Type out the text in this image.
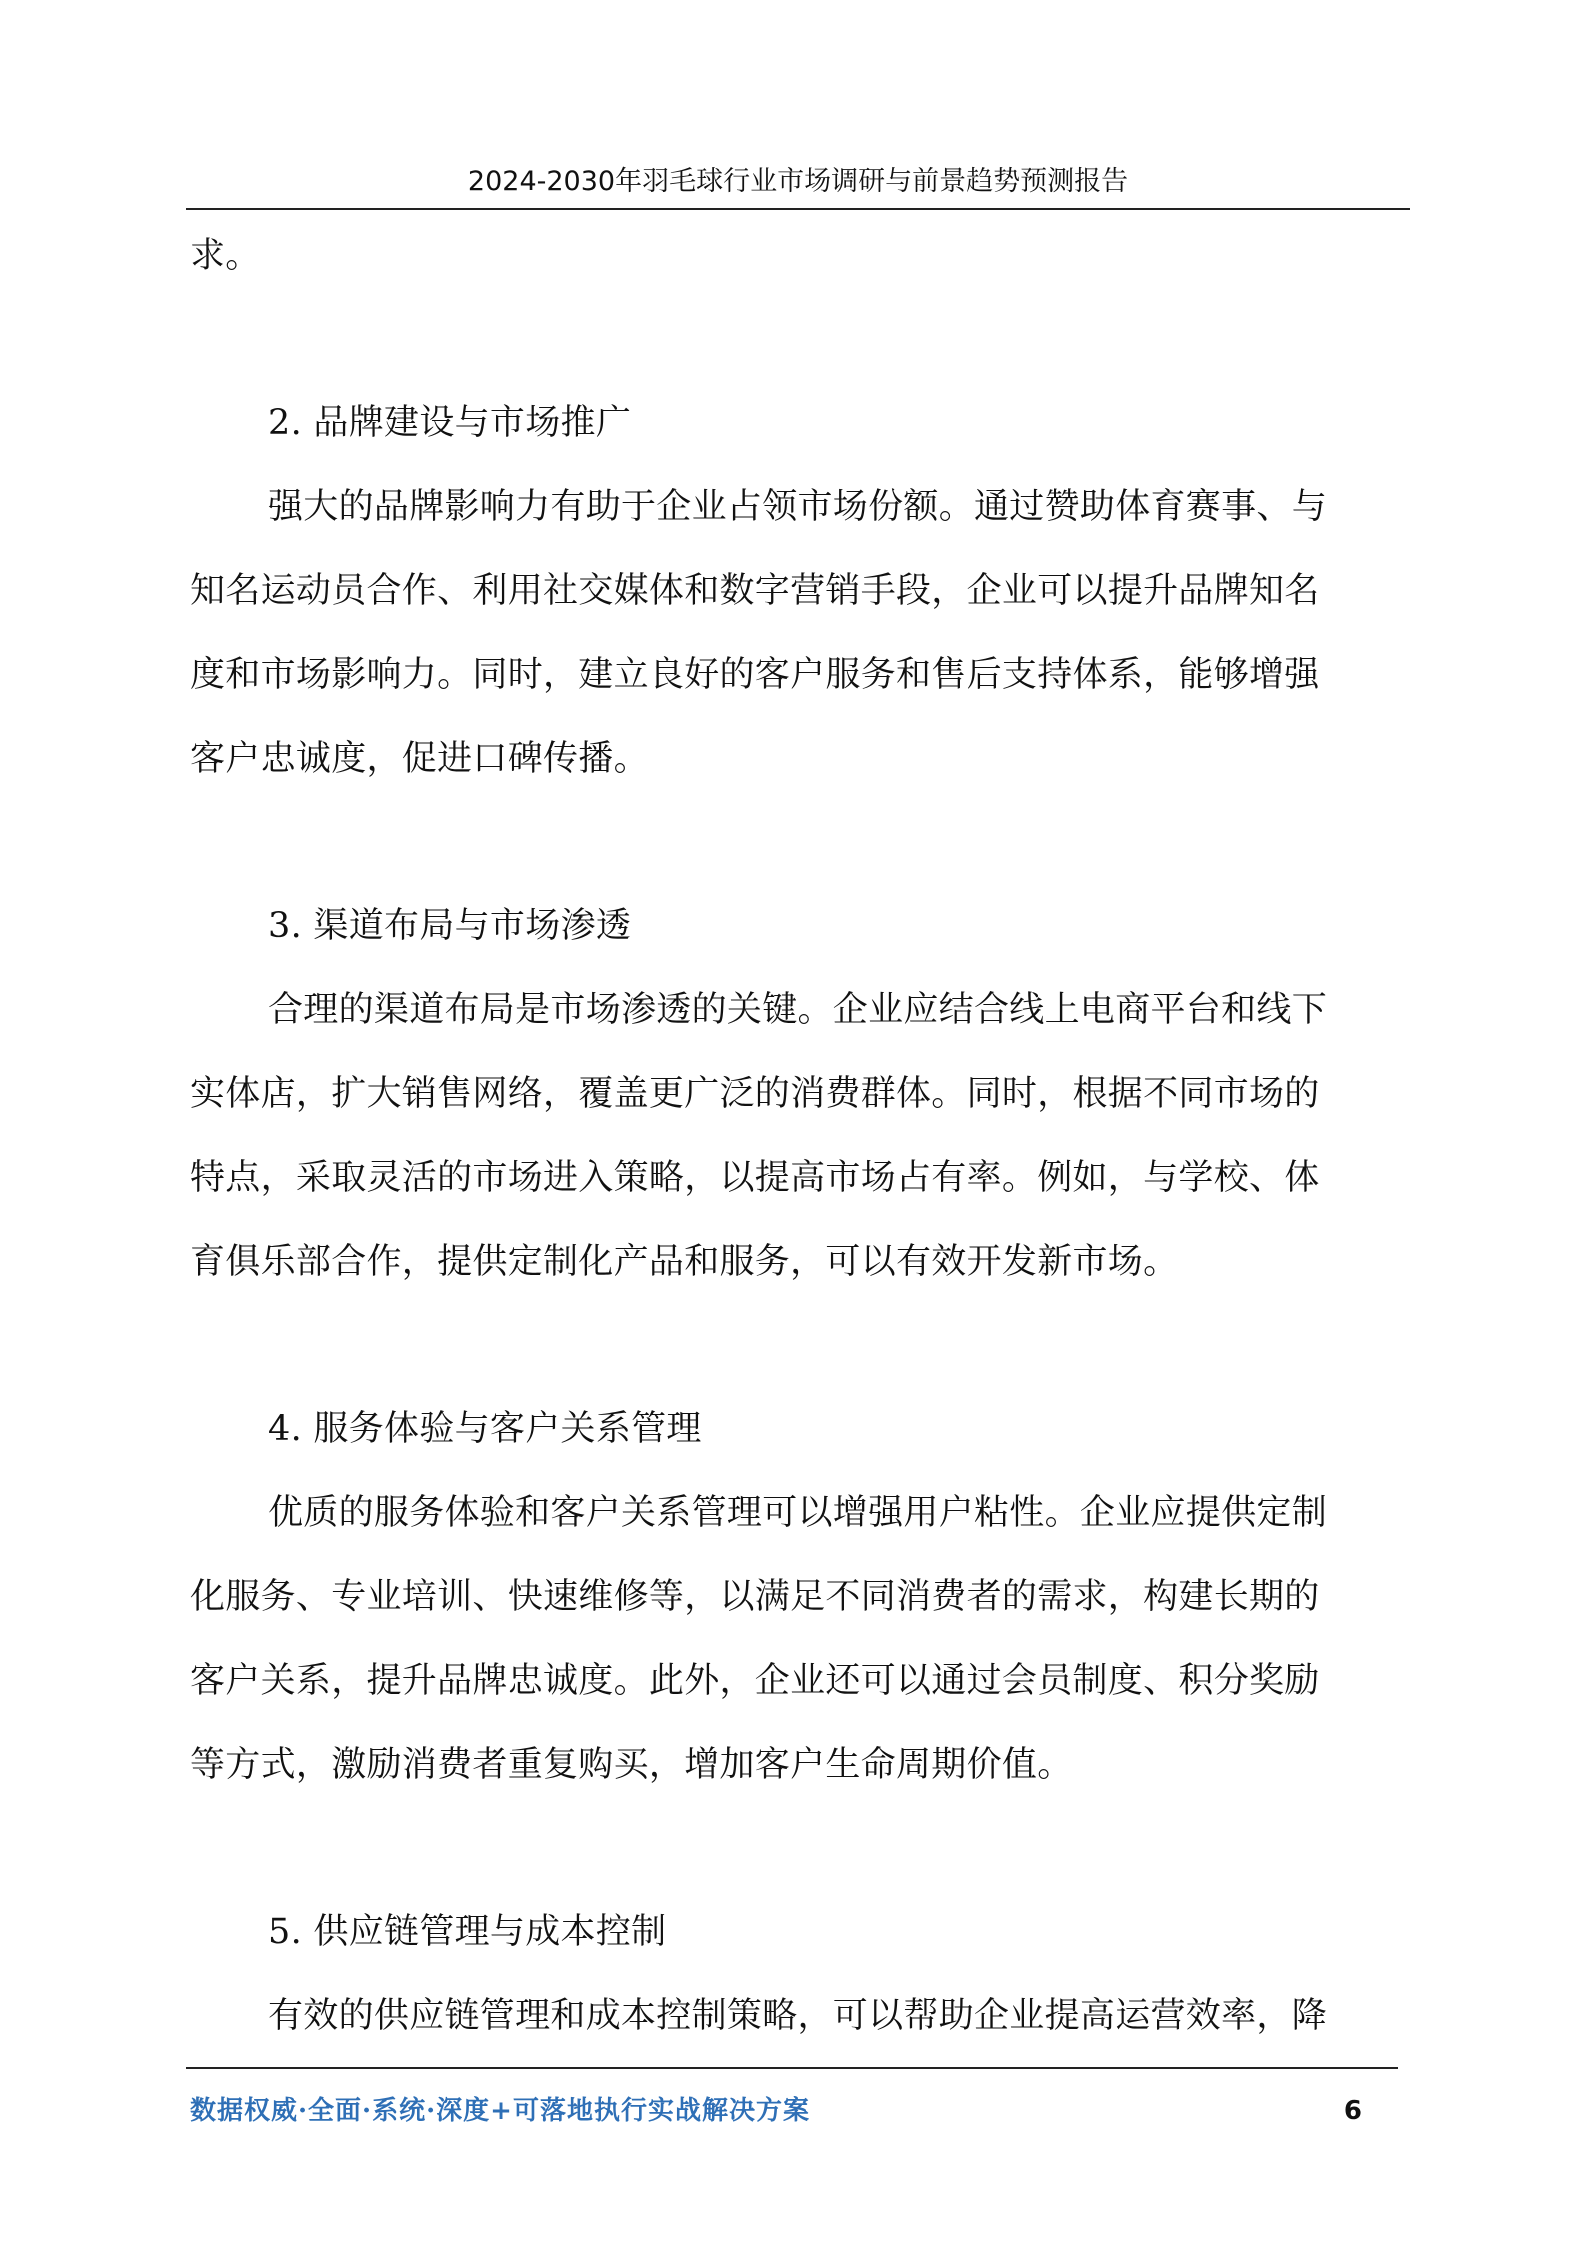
2024-2030年羽毛球行业市场调研与前景趋势预测报告
求。
2. 品牌建设与市场推广
强大的品牌影响力有助于企业占领市场份额。通过赞助体育赛事、与
知名运动员合作、利用社交媒体和数字营销手段，企业可以提升品牌知名
度和市场影响力。同时，建立良好的客户服务和售后支持体系，能够增强
客户忠诚度，促进口碑传播。
3. 渠道布局与市场渗透
合理的渠道布局是市场渗透的关键。企业应结合线上电商平台和线下
实体店，扩大销售网络，覆盖更广泛的消费群体。同时，根据不同市场的
特点，采取灵活的市场进入策略，以提高市场占有率。例如，与学校、体
育俱乐部合作，提供定制化产品和服务，可以有效开发新市场。
4. 服务体验与客户关系管理
优质的服务体验和客户关系管理可以增强用户粘性。企业应提供定制
化服务、专业培训、快速维修等，以满足不同消费者的需求，构建长期的
客户关系，提升品牌忠诚度。此外，企业还可以通过会员制度、积分奖励
等方式，激励消费者重复购买，增加客户生命周期价值。
5. 供应链管理与成本控制
有效的供应链管理和成本控制策略，可以帮助企业提高运营效率，降
数据权威·全面·系统·深度+可落地执行实战解决方案	6
